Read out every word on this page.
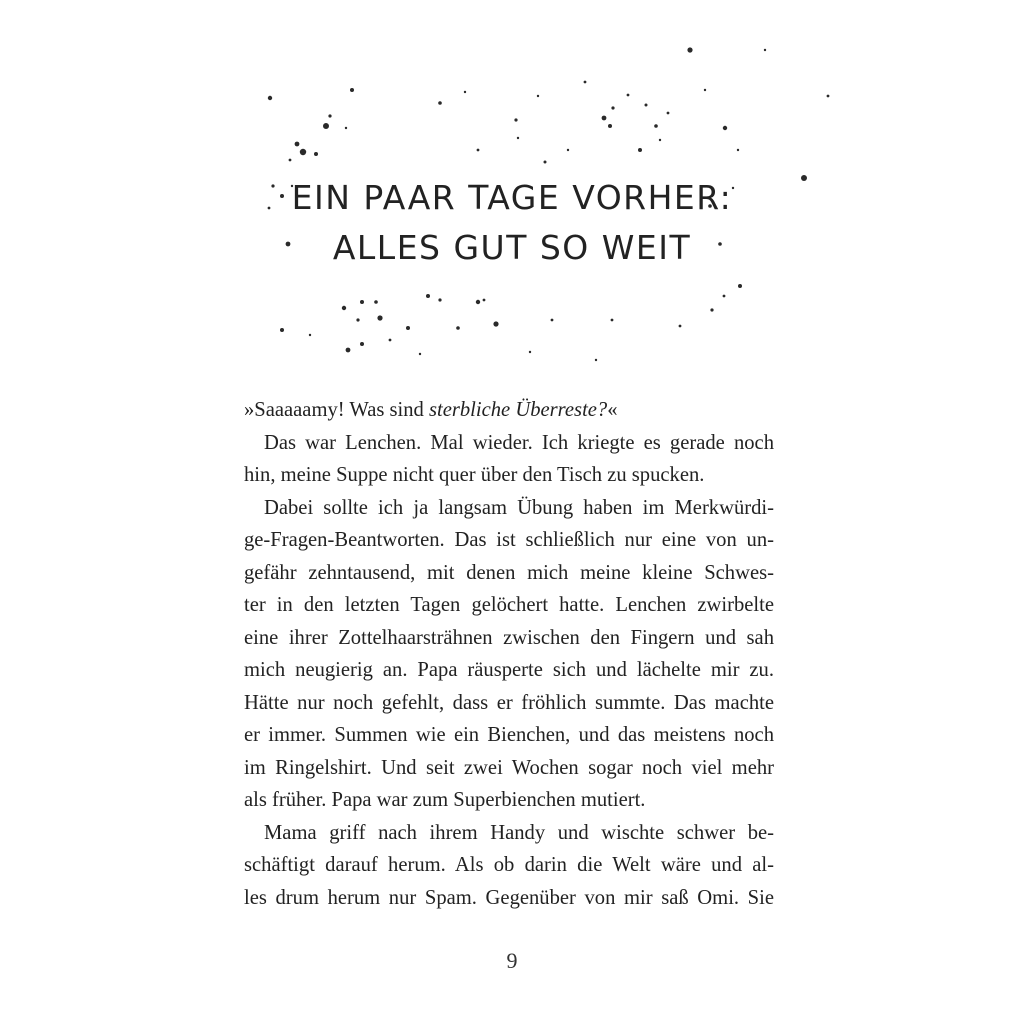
EIN PAAR TAGE VORHER:
ALLES GUT SO WEIT

»Saaaaamy! Was sind sterbliche Überreste?«

Das war Lenchen. Mal wieder. Ich kriegte es gerade noch

hin, meine Suppe nicht quer über den Tisch zu spucken.

Dabei sollte ich ja langsam Übung haben im Merkwürdi-

ge-Fragen-Beantworten. Das ist schließlich nur eine von un-

gefähr zehntausend, mit denen mich meine kleine Schwes-

ter in den letzten Tagen gelöchert hatte. Lenchen zwirbelte

eine ihrer Zottelhaarsträhnen zwischen den Fingern und sah

mich neugierig an. Papa räusperte sich und lächelte mir zu.

Hätte nur noch gefehlt, dass er fröhlich summte. Das machte

er immer. Summen wie ein Bienchen, und das meistens noch

im Ringelshirt. Und seit zwei Wochen sogar noch viel mehr

als früher. Papa war zum Superbienchen mutiert.

Mama griff nach ihrem Handy und wischte schwer be-

schäftigt darauf herum. Als ob darin die Welt wäre und al-

les drum herum nur Spam. Gegenüber von mir saß Omi. Sie

9
